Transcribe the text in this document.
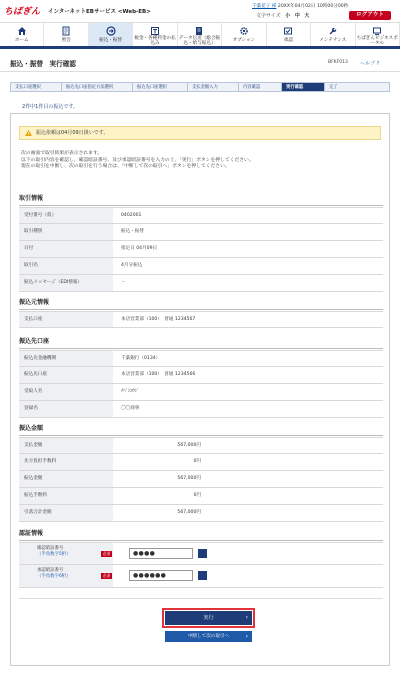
ちばぎん インターネットEBサービス <Web-EB>
千葉花子 様 20XX年04月02日 10時00分00秒
文字サイズ 小 中 大	ログアウト
ホーム	照会	振込・振替	税金・各種料金の払込み
データ伝送（総合振込・給与振込）
オプション	承認	メンテナンス	ちばぎんビジネスポータル
振込・振替　実行確認	BFKF013 ヘルプ ?
支払口座選択	振込先口座指定方法選択	振込先口座選択	支払金額入力	内容確認	実行確認	完了
2件中1件目の振込です。
振込依頼は04月09日扱いです。
次の画面で取引結果が表示されます。
以下の取引内容を確認し、確認暗証番号、及び承認暗証番号を入力の上、「実行」ボタンを押してください。
現在の取引を中断し、次の取引を行う場合は、「中断して次の取引へ」ボタンを押してください。
取引情報
受付番号（仮）	0402001
取引種別	振込・振替
日付	指定日 04月09日
取引名	4月分振込
振込メッセージ（EDI情報）	－
振込元情報
支払口座	本店営業部（100）　普通 1234567
振込先口座
振込先金融機関	千葉銀行（0134）
振込先口座	本店営業部（100）　普通 1234566
受取人名	ﾁﾊﾞｼﾖｳｼﾞ
登録名	〇〇商事
振込金額
支払金額	567,000円
先方負担手数料	0円
振込金額	567,000円
振込手数料	0円
引落合計金額	567,000円
認証情報
確認暗証番号
（半角数字5桁）	必須	●●●●
承認暗証番号
（半角数字6桁）	必須	●●●●●●
実行	›
中断して次の取引へ	›
